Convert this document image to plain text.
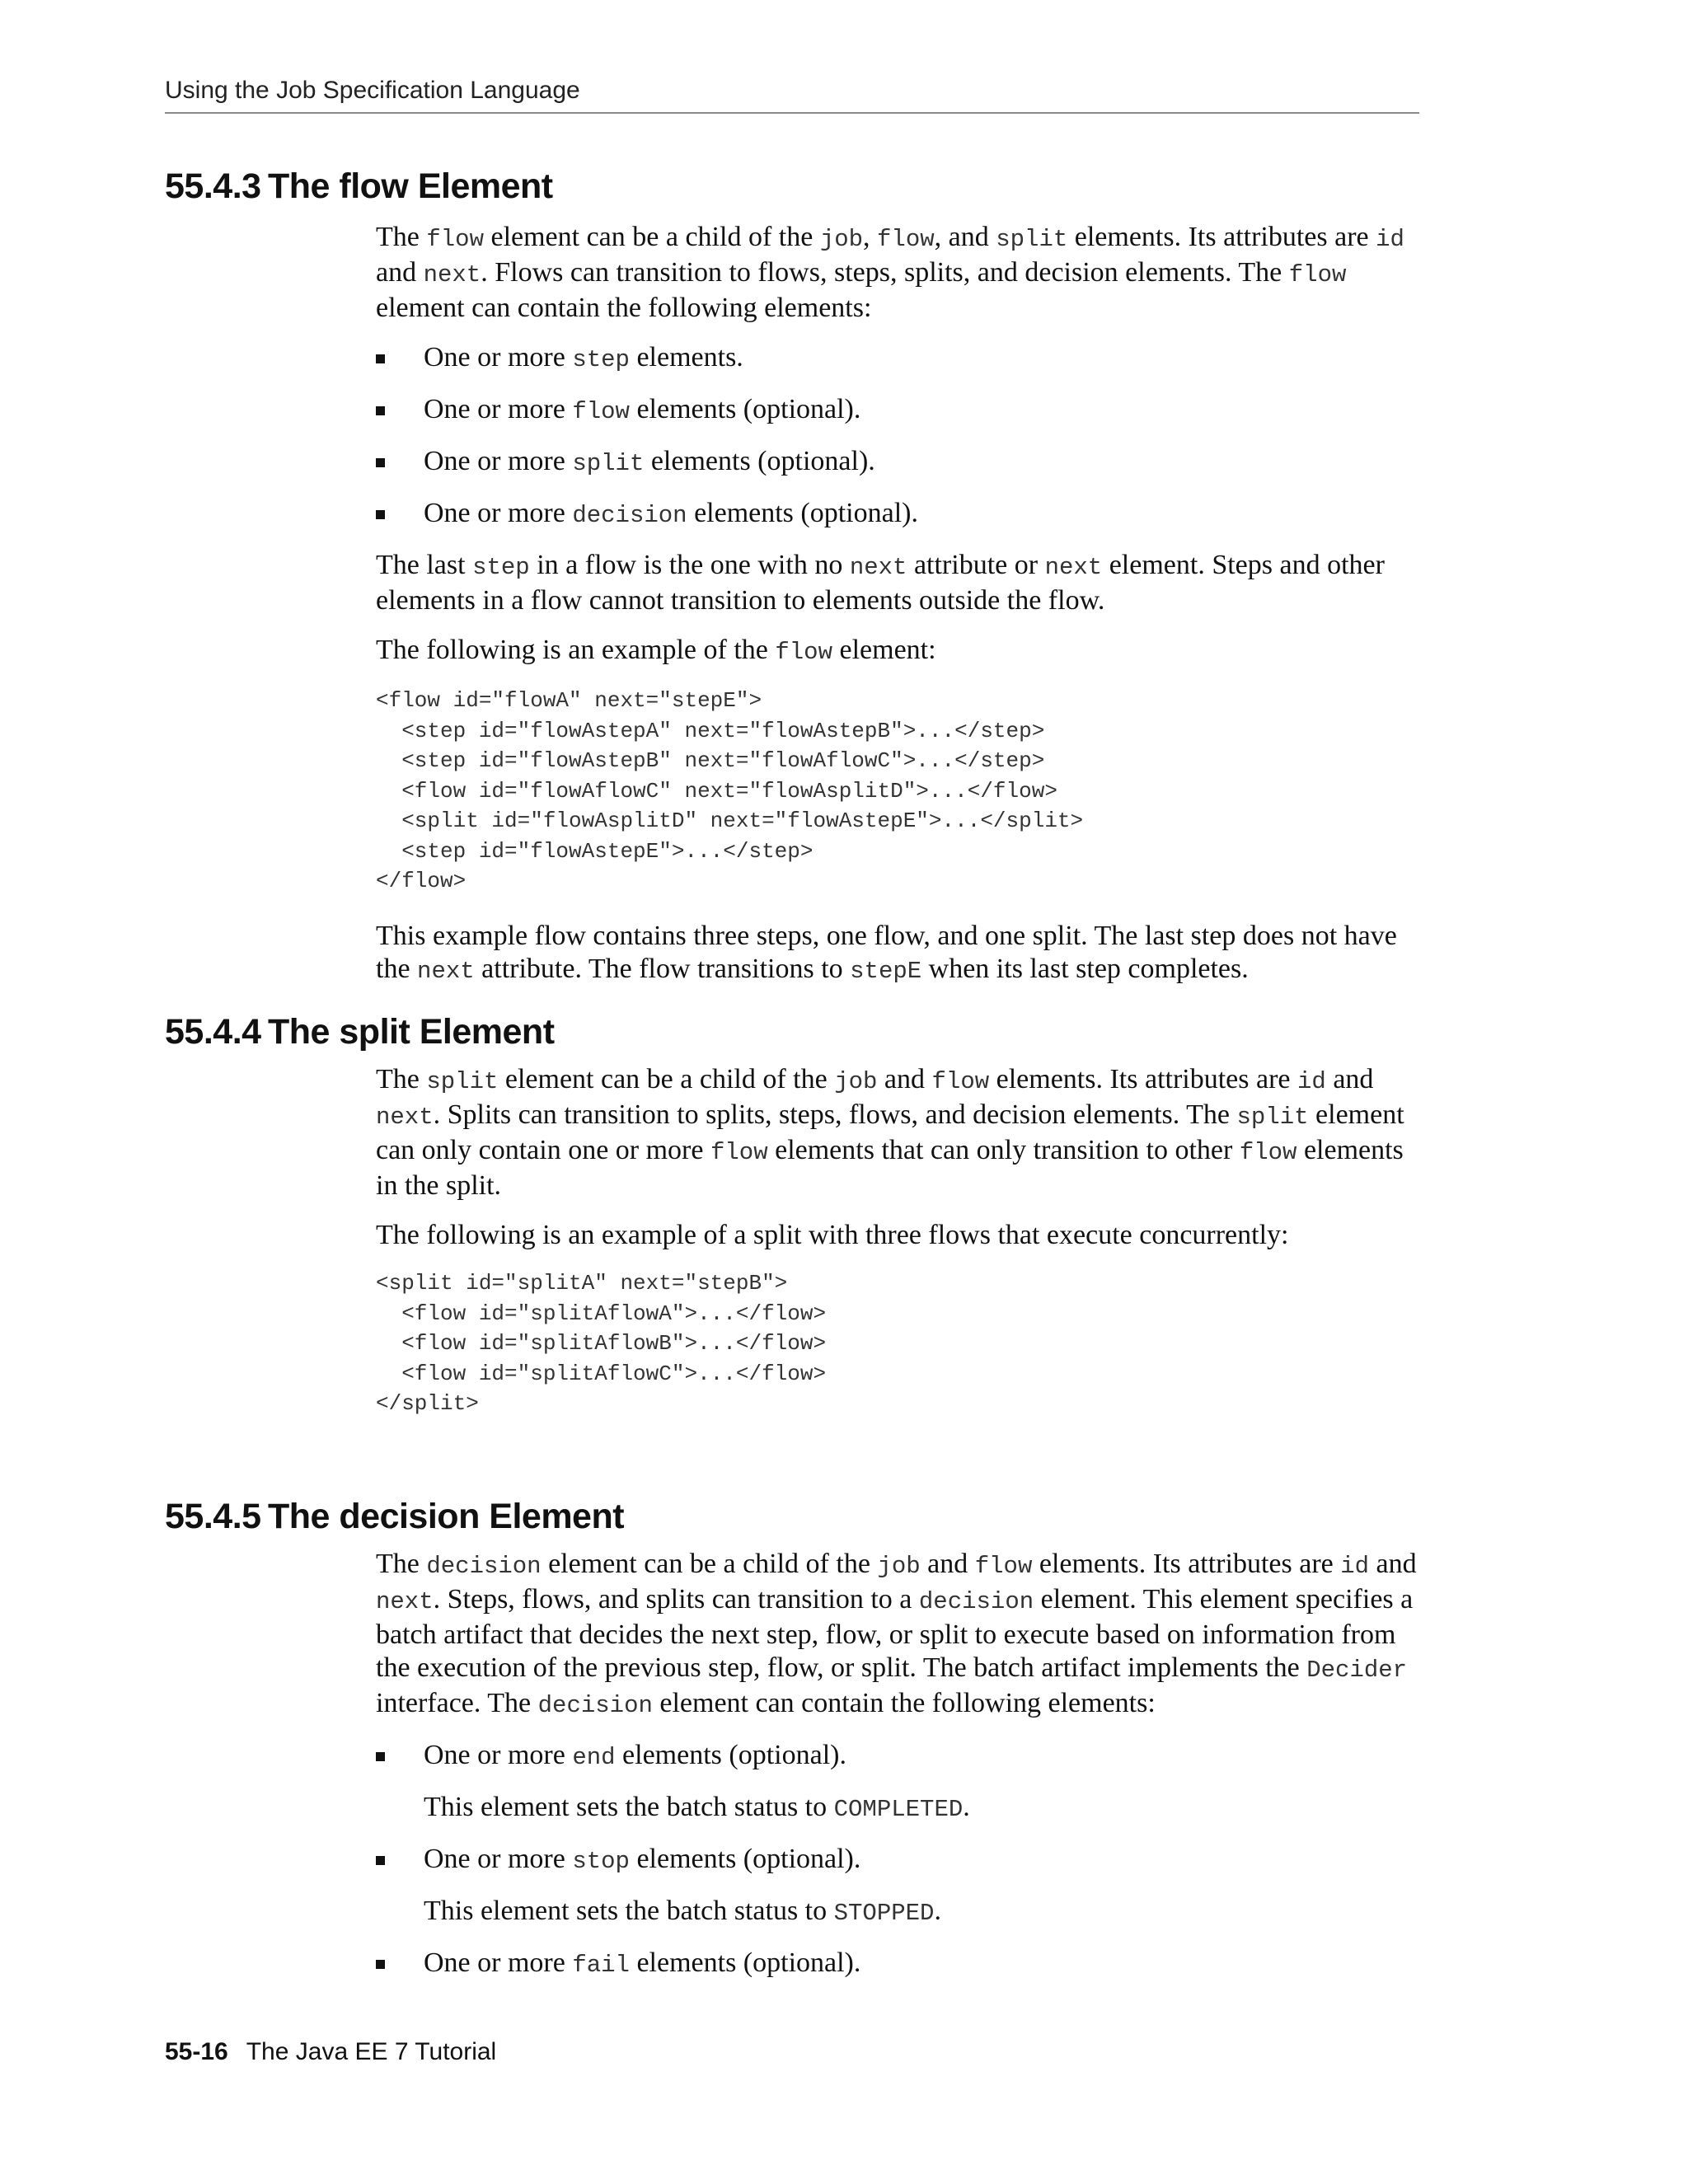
Using the Job Specification Language
55.4.3 The flow Element

The flow element can be a child of the job, flow, and split elements. Its attributes are id and next. Flows can transition to flows, steps, splits, and decision elements. The flow element can contain the following elements:

One or more step elements.
One or more flow elements (optional).
One or more split elements (optional).
One or more decision elements (optional).

The last step in a flow is the one with no next attribute or next element. Steps and other elements in a flow cannot transition to elements outside the flow.

The following is an example of the flow element:

<flow id="flowA" next="stepE">
<step id="flowAstepA" next="flowAstepB">...</step>
<step id="flowAstepB" next="flowAflowC">...</step>
<flow id="flowAflowC" next="flowAsplitD">...</flow>
<split id="flowAsplitD" next="flowAstepE">...</split>
<step id="flowAstepE">...</step>
</flow>

This example flow contains three steps, one flow, and one split. The last step does not have the next attribute. The flow transitions to stepE when its last step completes.

55.4.4 The split Element

The split element can be a child of the job and flow elements. Its attributes are id and next. Splits can transition to splits, steps, flows, and decision elements. The split element can only contain one or more flow elements that can only transition to other flow elements in the split.

The following is an example of a split with three flows that execute concurrently:

<split id="splitA" next="stepB">
<flow id="splitAflowA">...</flow>
<flow id="splitAflowB">...</flow>
<flow id="splitAflowC">...</flow>
</split>
55.4.5 The decision Element

The decision element can be a child of the job and flow elements. Its attributes are id and next. Steps, flows, and splits can transition to a decision element. This element specifies a batch artifact that decides the next step, flow, or split to execute based on information from the execution of the previous step, flow, or split. The batch artifact implements the Decider interface. The decision element can contain the following elements:

One or more end elements (optional).

This element sets the batch status to COMPLETED.

One or more stop elements (optional).

This element sets the batch status to STOPPED.

One or more fail elements (optional).
55-16 The Java EE 7 Tutorial
